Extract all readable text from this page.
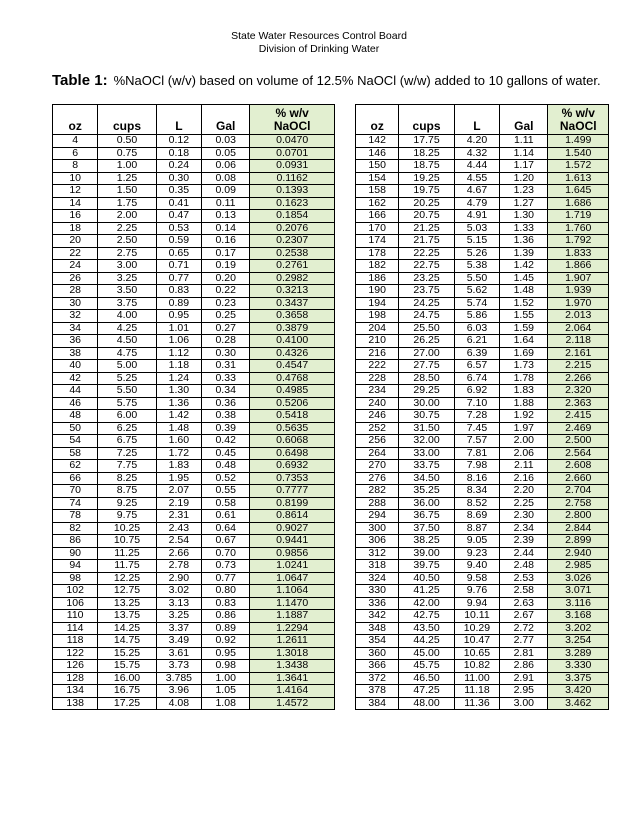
State Water Resources Control Board
Division of Drinking Water
Table 1: %NaOCl (w/v) based on volume of 12.5% NaOCl (w/w) added to 10 gallons of water.
oz	cups	L	Gal	% w/v
NaOCl
4	0.50	0.12	0.03	0.0470
6	0.75	0.18	0.05	0.0701
8	1.00	0.24	0.06	0.0931
10	1.25	0.30	0.08	0.1162
12	1.50	0.35	0.09	0.1393
14	1.75	0.41	0.11	0.1623
16	2.00	0.47	0.13	0.1854
18	2.25	0.53	0.14	0.2076
20	2.50	0.59	0.16	0.2307
22	2.75	0.65	0.17	0.2538
24	3.00	0.71	0.19	0.2761
26	3.25	0.77	0.20	0.2982
28	3.50	0.83	0.22	0.3213
30	3.75	0.89	0.23	0.3437
32	4.00	0.95	0.25	0.3658
34	4.25	1.01	0.27	0.3879
36	4.50	1.06	0.28	0.4100
38	4.75	1.12	0.30	0.4326
40	5.00	1.18	0.31	0.4547
42	5.25	1.24	0.33	0.4768
44	5.50	1.30	0.34	0.4985
46	5.75	1.36	0.36	0.5206
48	6.00	1.42	0.38	0.5418
50	6.25	1.48	0.39	0.5635
54	6.75	1.60	0.42	0.6068
58	7.25	1.72	0.45	0.6498
62	7.75	1.83	0.48	0.6932
66	8.25	1.95	0.52	0.7353
70	8.75	2.07	0.55	0.7777
74	9.25	2.19	0.58	0.8199
78	9.75	2.31	0.61	0.8614
82	10.25	2.43	0.64	0.9027
86	10.75	2.54	0.67	0.9441
90	11.25	2.66	0.70	0.9856
94	11.75	2.78	0.73	1.0241
98	12.25	2.90	0.77	1.0647
102	12.75	3.02	0.80	1.1064
106	13.25	3.13	0.83	1.1470
110	13.75	3.25	0.86	1.1887
114	14.25	3.37	0.89	1.2294
118	14.75	3.49	0.92	1.2611
122	15.25	3.61	0.95	1.3018
126	15.75	3.73	0.98	1.3438
128	16.00	3.785	1.00	1.3641
134	16.75	3.96	1.05	1.4164
138	17.25	4.08	1.08	1.4572
oz	cups	L	Gal	% w/v
NaOCl
142	17.75	4.20	1.11	1.499
146	18.25	4.32	1.14	1.540
150	18.75	4.44	1.17	1.572
154	19.25	4.55	1.20	1.613
158	19.75	4.67	1.23	1.645
162	20.25	4.79	1.27	1.686
166	20.75	4.91	1.30	1.719
170	21.25	5.03	1.33	1.760
174	21.75	5.15	1.36	1.792
178	22.25	5.26	1.39	1.833
182	22.75	5.38	1.42	1.866
186	23.25	5.50	1.45	1.907
190	23.75	5.62	1.48	1.939
194	24.25	5.74	1.52	1.970
198	24.75	5.86	1.55	2.013
204	25.50	6.03	1.59	2.064
210	26.25	6.21	1.64	2.118
216	27.00	6.39	1.69	2.161
222	27.75	6.57	1.73	2.215
228	28.50	6.74	1.78	2.266
234	29.25	6.92	1.83	2.320
240	30.00	7.10	1.88	2.363
246	30.75	7.28	1.92	2.415
252	31.50	7.45	1.97	2.469
256	32.00	7.57	2.00	2.500
264	33.00	7.81	2.06	2.564
270	33.75	7.98	2.11	2.608
276	34.50	8.16	2.16	2.660
282	35.25	8.34	2.20	2.704
288	36.00	8.52	2.25	2.758
294	36.75	8.69	2.30	2.800
300	37.50	8.87	2.34	2.844
306	38.25	9.05	2.39	2.899
312	39.00	9.23	2.44	2.940
318	39.75	9.40	2.48	2.985
324	40.50	9.58	2.53	3.026
330	41.25	9.76	2.58	3.071
336	42.00	9.94	2.63	3.116
342	42.75	10.11	2.67	3.168
348	43.50	10.29	2.72	3.202
354	44.25	10.47	2.77	3.254
360	45.00	10.65	2.81	3.289
366	45.75	10.82	2.86	3.330
372	46.50	11.00	2.91	3.375
378	47.25	11.18	2.95	3.420
384	48.00	11.36	3.00	3.462
